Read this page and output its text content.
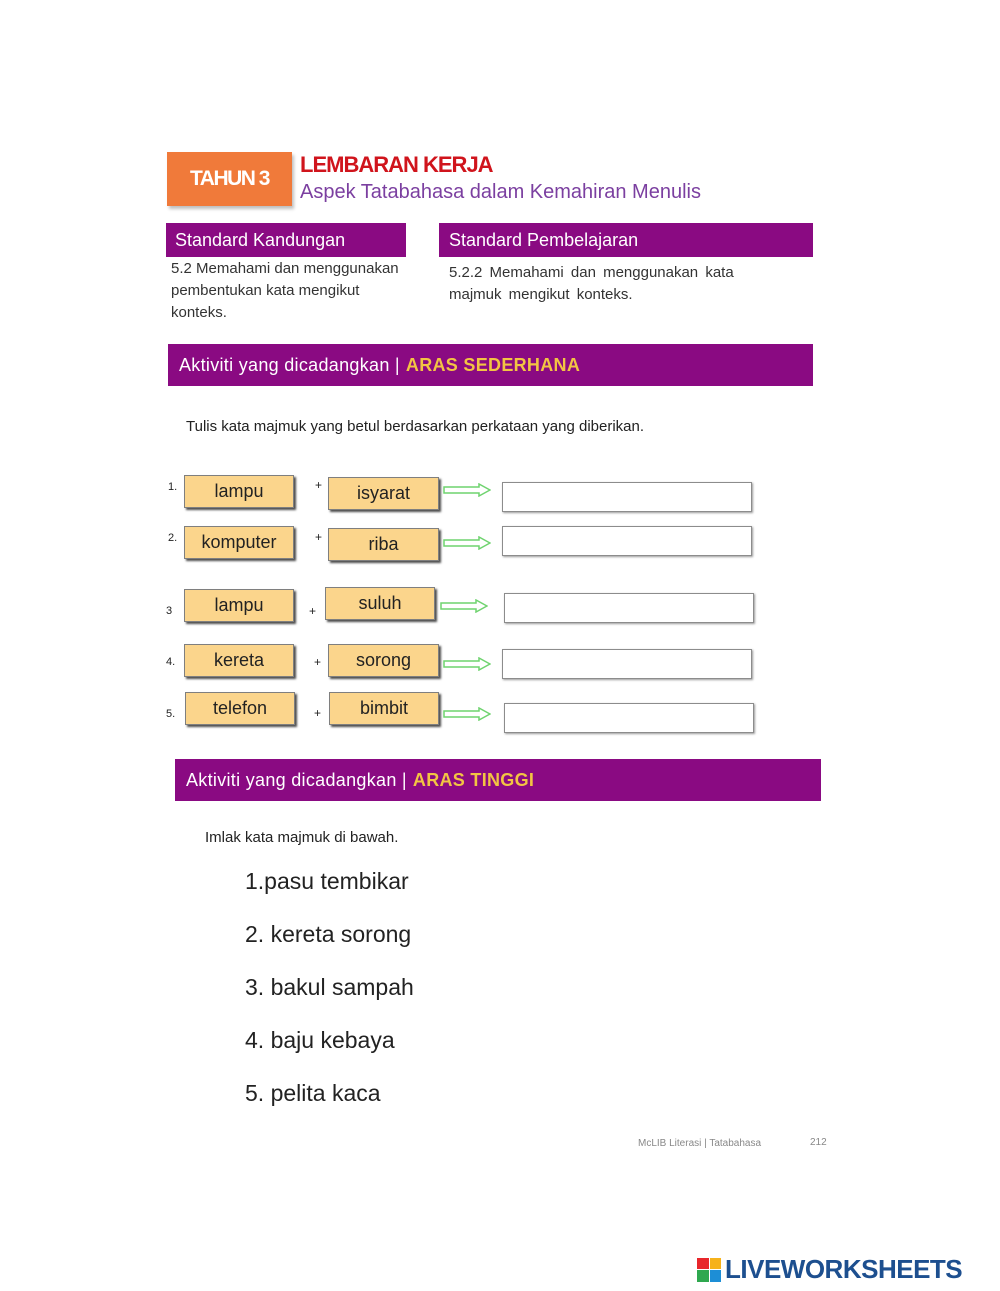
TAHUN 3
LEMBARAN KERJA
Aspek Tatabahasa dalam Kemahiran Menulis
Standard Kandungan	Standard Pembelajaran
5.2 Memahami dan menggunakan pembentukan kata mengikut konteks.
5.2.2 Memahami dan menggunakan kata majmuk mengikut konteks.
Aktiviti yang dicadangkan | ARAS SEDERHANA
Tulis kata majmuk yang betul berdasarkan perkataan yang diberikan.
1.	lampu	+	isyarat
2.	komputer	+	riba
3	lampu	+	suluh
4.	kereta	+	sorong
5.	telefon	+	bimbit
Aktiviti yang dicadangkan | ARAS TINGGI
Imlak kata majmuk di bawah.
1.pasu tembikar
2. kereta sorong
3. bakul sampah
4. baju kebaya
5. pelita kaca
McLIB Literasi | Tatabahasa	212
LIVEWORKSHEETS
